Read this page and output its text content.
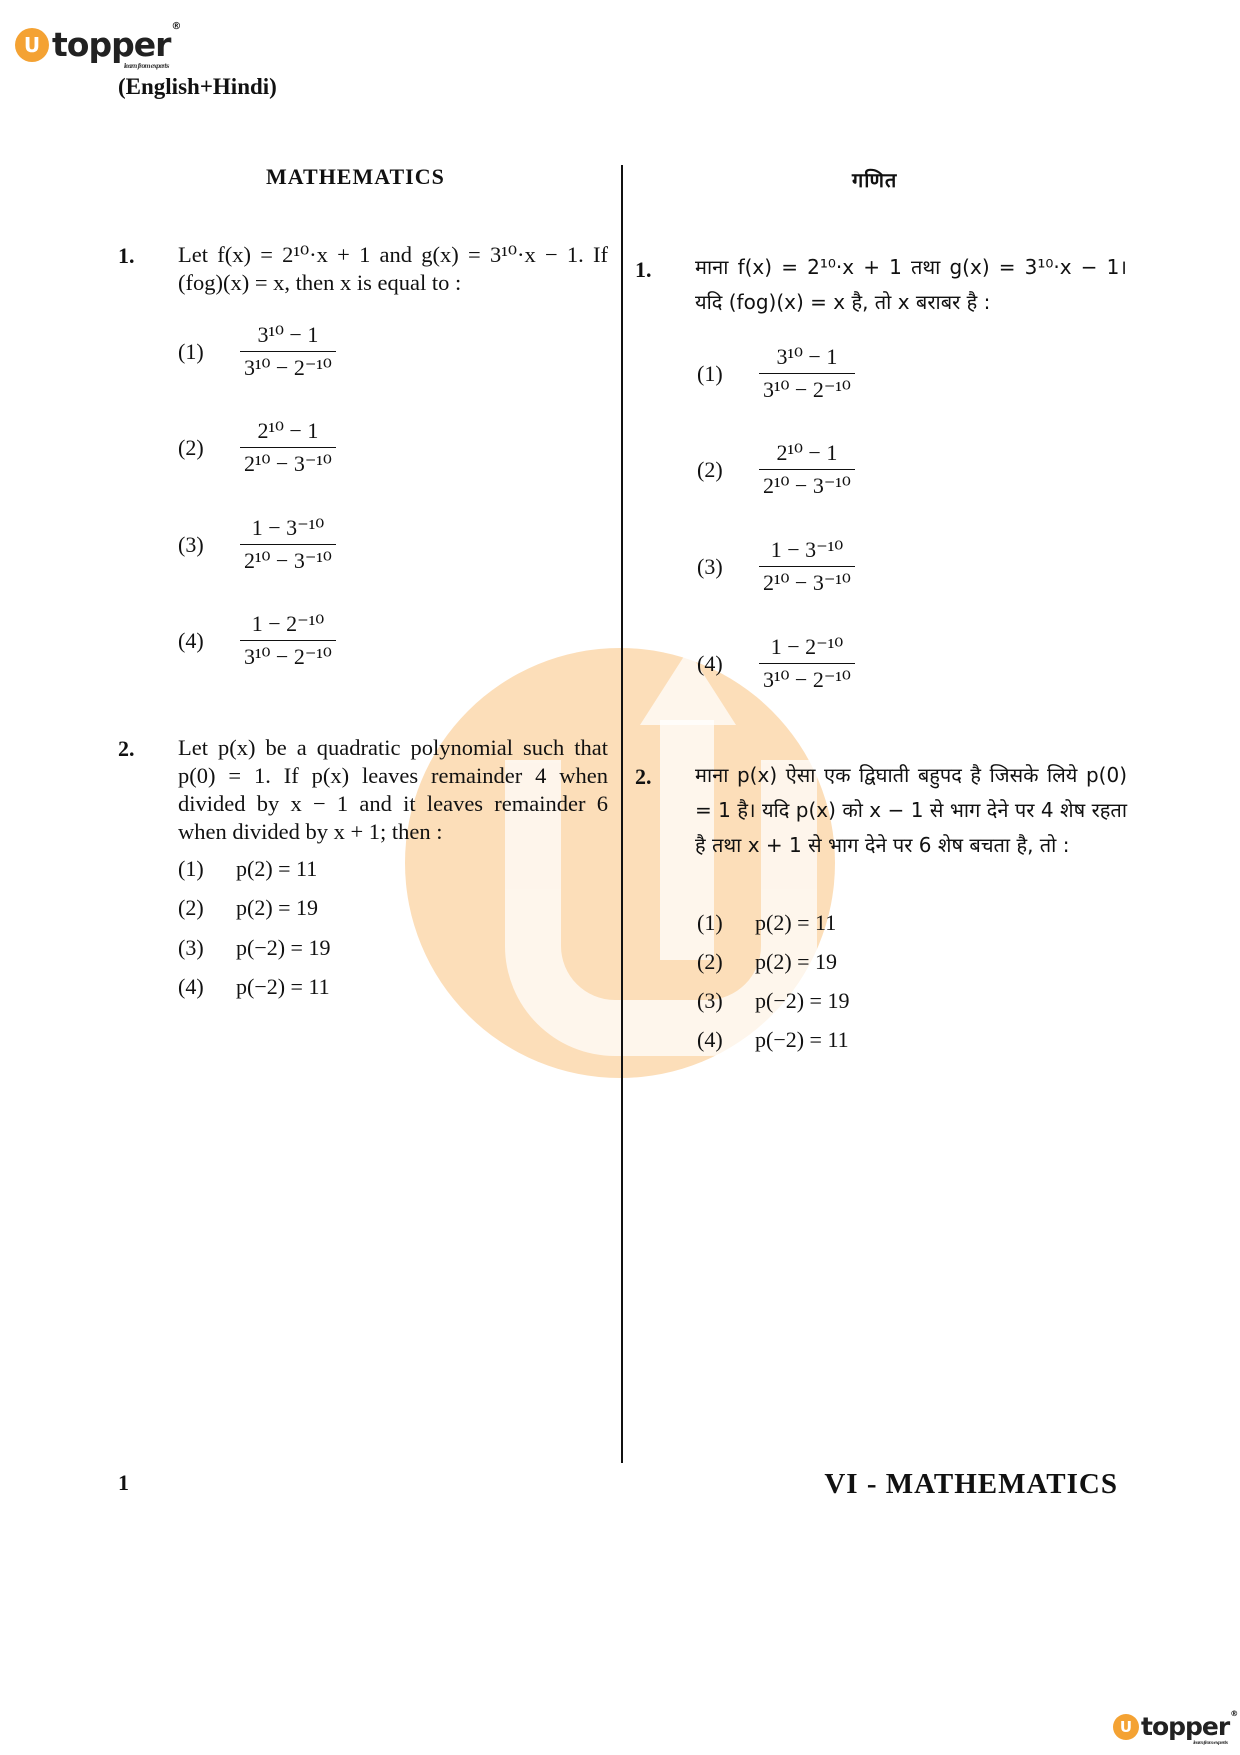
U topper ®
learn from experts
(English+Hindi)
MATHEMATICS	गणित
1. Let f(x) = 2¹⁰·x + 1 and g(x) = 3¹⁰·x − 1. If (fog)(x) = x, then x is equal to :
(1)	$\frac{\text{3¹⁰ − 1}}{\text{3¹⁰ − 2⁻¹⁰}}$
(2)	$\frac{\text{2¹⁰ − 1}}{\text{2¹⁰ − 3⁻¹⁰}}$
(3)	$\frac{\text{1 − 3⁻¹⁰}}{\text{2¹⁰ − 3⁻¹⁰}}$
(4)	$\frac{\text{1 − 2⁻¹⁰}}{\text{3¹⁰ − 2⁻¹⁰}}$
2. Let p(x) be a quadratic polynomial such that p(0) = 1. If p(x) leaves remainder 4 when divided by x − 1 and it leaves remainder 6 when divided by x + 1; then :
(1) p(2) = 11
(2) p(2) = 19
(3) p(−2) = 19
(4) p(−2) = 11
1. माना f(x) = 2¹⁰·x + 1 तथा g(x) = 3¹⁰·x − 1। यदि (fog)(x) = x है, तो x बराबर है :
(1)	$\frac{\text{3¹⁰ − 1}}{\text{3¹⁰ − 2⁻¹⁰}}$
(2)	$\frac{\text{2¹⁰ − 1}}{\text{2¹⁰ − 3⁻¹⁰}}$
(3)	$\frac{\text{1 − 3⁻¹⁰}}{\text{2¹⁰ − 3⁻¹⁰}}$
(4)	$\frac{\text{1 − 2⁻¹⁰}}{\text{3¹⁰ − 2⁻¹⁰}}$
2. माना p(x) ऐसा एक द्विघाती बहुपद है जिसके लिये p(0) = 1 है। यदि p(x) को x − 1 से भाग देने पर 4 शेष रहता है तथा x + 1 से भाग देने पर 6 शेष बचता है, तो :
(1) p(2) = 11
(2) p(2) = 19
(3) p(−2) = 19
(4) p(−2) = 11
1	VI - MATHEMATICS
U topper ®
learn from experts
